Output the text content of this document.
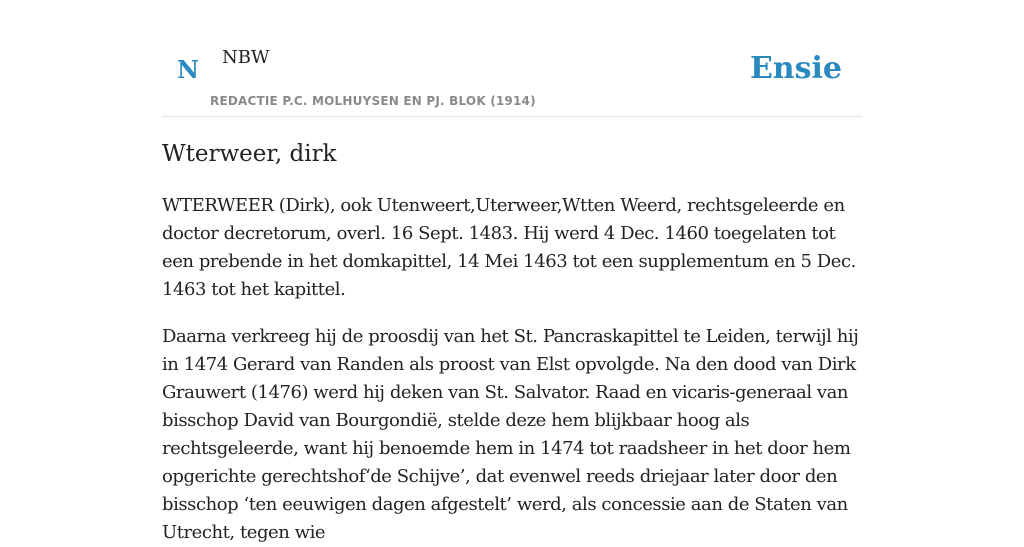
N NBW
REDACTIE P.C. MOLHUYSEN EN PJ. BLOK (1914)
Ensie
Wterweer, dirk

WTERWEER (Dirk), ook Utenweert,Uterweer,Wtten Weerd, rechtsgeleerde en doctor decretorum, overl. 16 Sept. 1483. Hij werd 4 Dec. 1460 toegelaten tot een prebende in het domkapittel, 14 Mei 1463 tot een supplementum en 5 Dec. 1463 tot het kapittel.

Daarna verkreeg hij de proosdij van het St. Pancraskapittel te Leiden, terwijl hij in 1474 Gerard van Randen als proost van Elst opvolgde. Na den dood van Dirk Grauwert (1476) werd hij deken van St. Salvator. Raad en vicaris-generaal van bisschop David van Bourgondië, stelde deze hem blijkbaar hoog als rechtsgeleerde, want hij benoemde hem in 1474 tot raadsheer in het door hem opgerichte gerechtshof‘de Schijve’, dat evenwel reeds driejaar later door den bisschop ‘ten eeuwigen dagen afgestelt’ werd, als concessie aan de Staten van Utrecht, tegen wie
